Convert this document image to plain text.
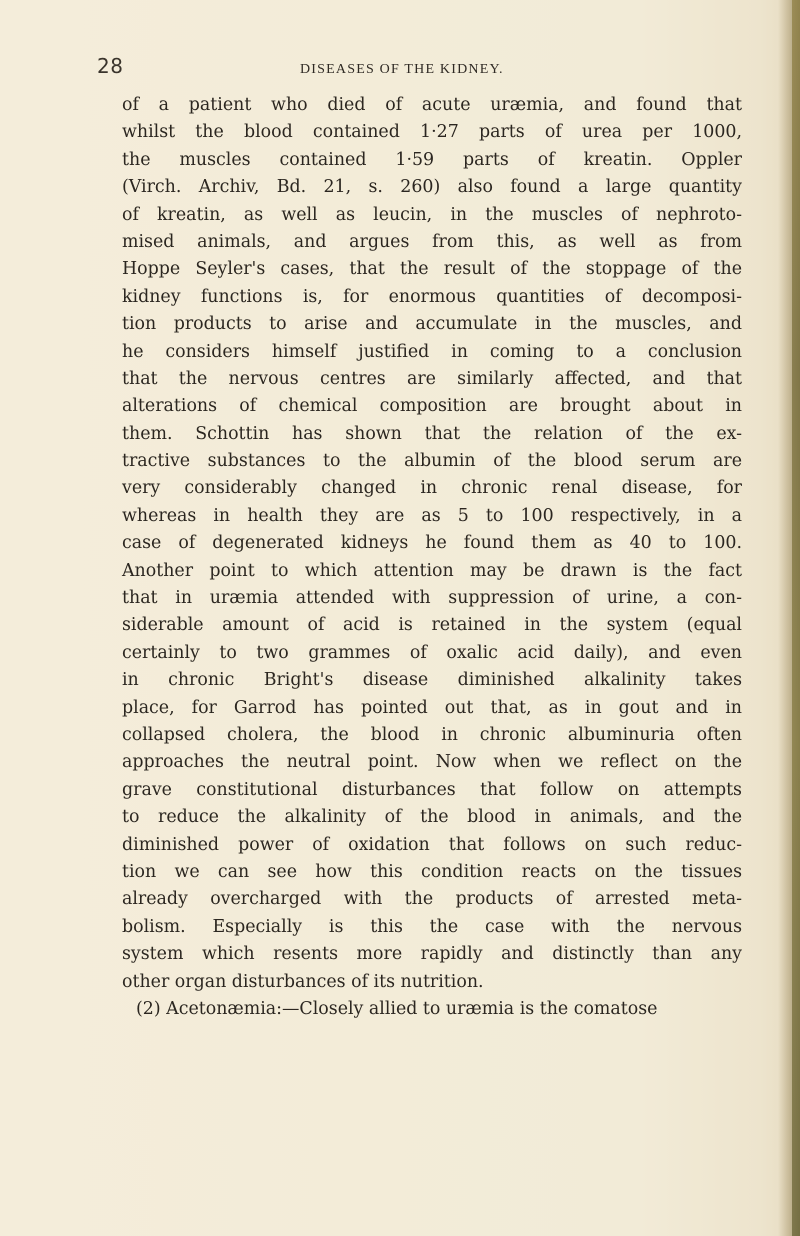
28	DISEASES OF THE KIDNEY.
of a patient who died of acute uræmia, and found that
whilst the blood contained 1·27 parts of urea per 1000,
the muscles contained 1·59 parts of kreatin. Oppler
(Virch. Archiv, Bd. 21, s. 260) also found a large quantity
of kreatin, as well as leucin, in the muscles of nephroto-
mised animals, and argues from this, as well as from
Hoppe Seyler's cases, that the result of the stoppage of the
kidney functions is, for enormous quantities of decomposi-
tion products to arise and accumulate in the muscles, and
he considers himself justified in coming to a conclusion
that the nervous centres are similarly affected, and that
alterations of chemical composition are brought about in
them. Schottin has shown that the relation of the ex-
tractive substances to the albumin of the blood serum are
very considerably changed in chronic renal disease, for
whereas in health they are as 5 to 100 respectively, in a
case of degenerated kidneys he found them as 40 to 100.
Another point to which attention may be drawn is the fact
that in uræmia attended with suppression of urine, a con-
siderable amount of acid is retained in the system (equal
certainly to two grammes of oxalic acid daily), and even
in chronic Bright's disease diminished alkalinity takes
place, for Garrod has pointed out that, as in gout and in
collapsed cholera, the blood in chronic albuminuria often
approaches the neutral point. Now when we reflect on the
grave constitutional disturbances that follow on attempts
to reduce the alkalinity of the blood in animals, and the
diminished power of oxidation that follows on such reduc-
tion we can see how this condition reacts on the tissues
already overcharged with the products of arrested meta-
bolism. Especially is this the case with the nervous
system which resents more rapidly and distinctly than any
other organ disturbances of its nutrition.
(2) Acetonæmia:—Closely allied to uræmia is the comatose
